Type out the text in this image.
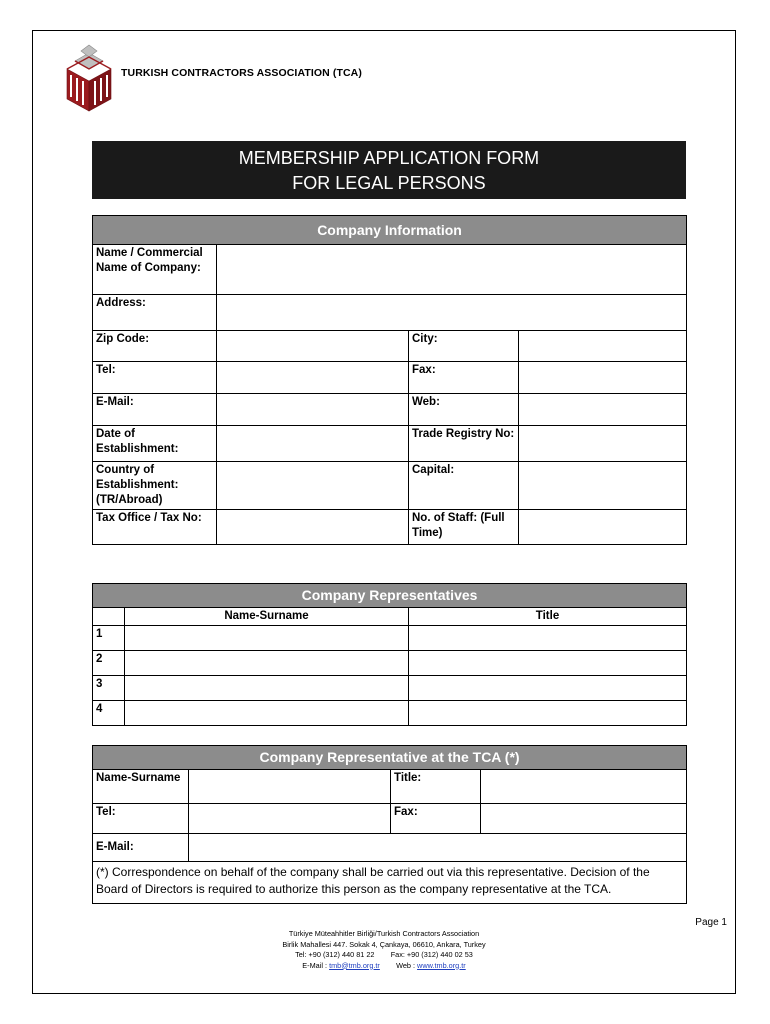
TURKISH CONTRACTORS ASSOCIATION (TCA)
MEMBERSHIP APPLICATION FORM
FOR LEGAL PERSONS
Company Information			
Name / Commercial Name of Company:			
Address:			
Zip Code:		City:	
Tel:		Fax:	
E-Mail:		Web:	
Date of Establishment:		Trade Registry No:	
Country of Establishment: (TR/Abroad)		Capital:	
Tax Office / Tax No:		No. of Staff: (Full Time)	
Company Representatives		
	Name-Surname	Title
1		
2		
3		
4		
Company Representative at the TCA (*)			
Name-Surname		Title:	
Tel:		Fax:	
E-Mail:			
(*) Correspondence on behalf of the company shall be carried out via this representative. Decision of the Board of Directors is required to authorize this person as the company representative at the TCA.			
Page 1
Türkiye Müteahhitler Birliği/Turkish Contractors Association
Birlik Mahallesi 447. Sokak 4, Çankaya, 06610, Ankara, Turkey
Tel: +90 (312) 440 81 22 Fax: +90 (312) 440 02 53
E-Mail : tmb@tmb.org.tr Web : www.tmb.org.tr
